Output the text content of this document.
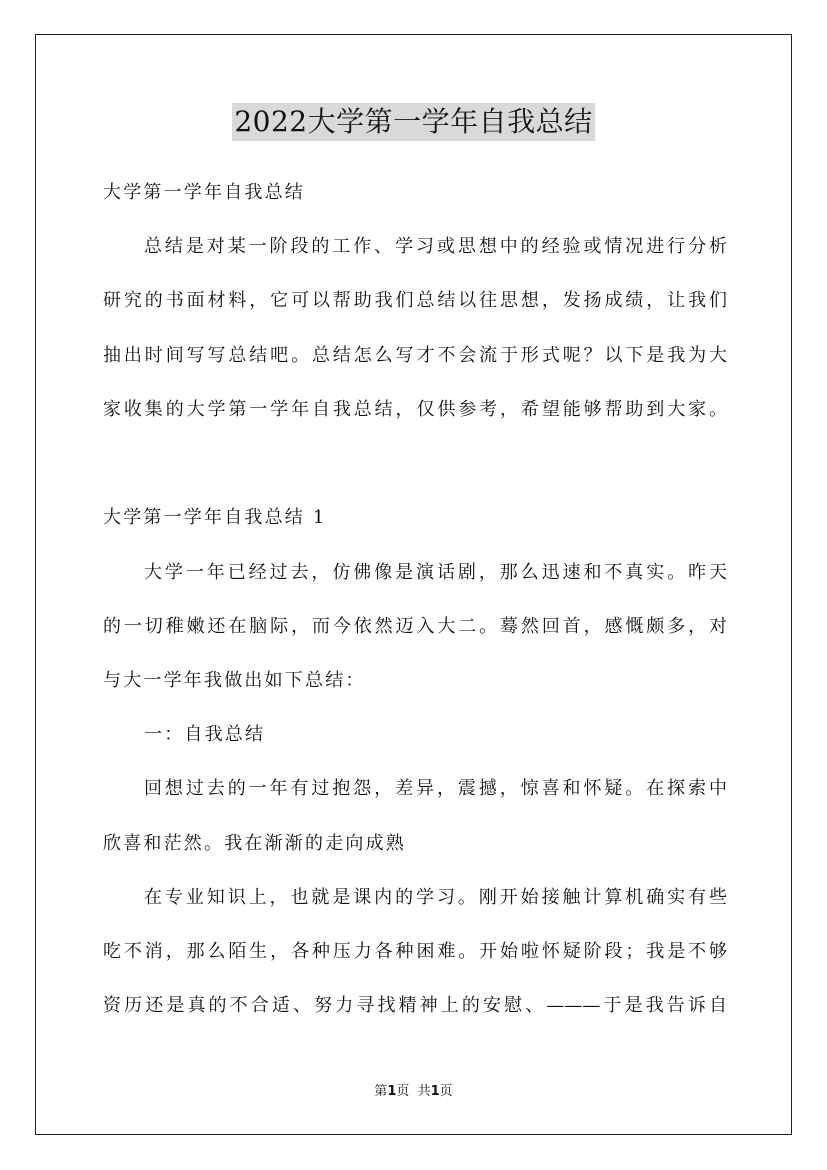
2022大学第一学年自我总结
大学第一学年自我总结
总结是对某一阶段的工作、学习或思想中的经验或情况进行分析
研究的书面材料，它可以帮助我们总结以往思想，发扬成绩，让我们
抽出时间写写总结吧。总结怎么写才不会流于形式呢？以下是我为大
家收集的大学第一学年自我总结，仅供参考，希望能够帮助到大家。
大学第一学年自我总结 1
大学一年已经过去，仿佛像是演话剧，那么迅速和不真实。昨天
的一切稚嫩还在脑际，而今依然迈入大二。蓦然回首，感慨颇多，对
与大一学年我做出如下总结：
一：自我总结
回想过去的一年有过抱怨，差异，震撼，惊喜和怀疑。在探索中
欣喜和茫然。我在渐渐的走向成熟
在专业知识上，也就是课内的学习。刚开始接触计算机确实有些
吃不消，那么陌生，各种压力各种困难。开始啦怀疑阶段；我是不够
资历还是真的不合适、努力寻找精神上的安慰、———于是我告诉自
第1页  共1页
